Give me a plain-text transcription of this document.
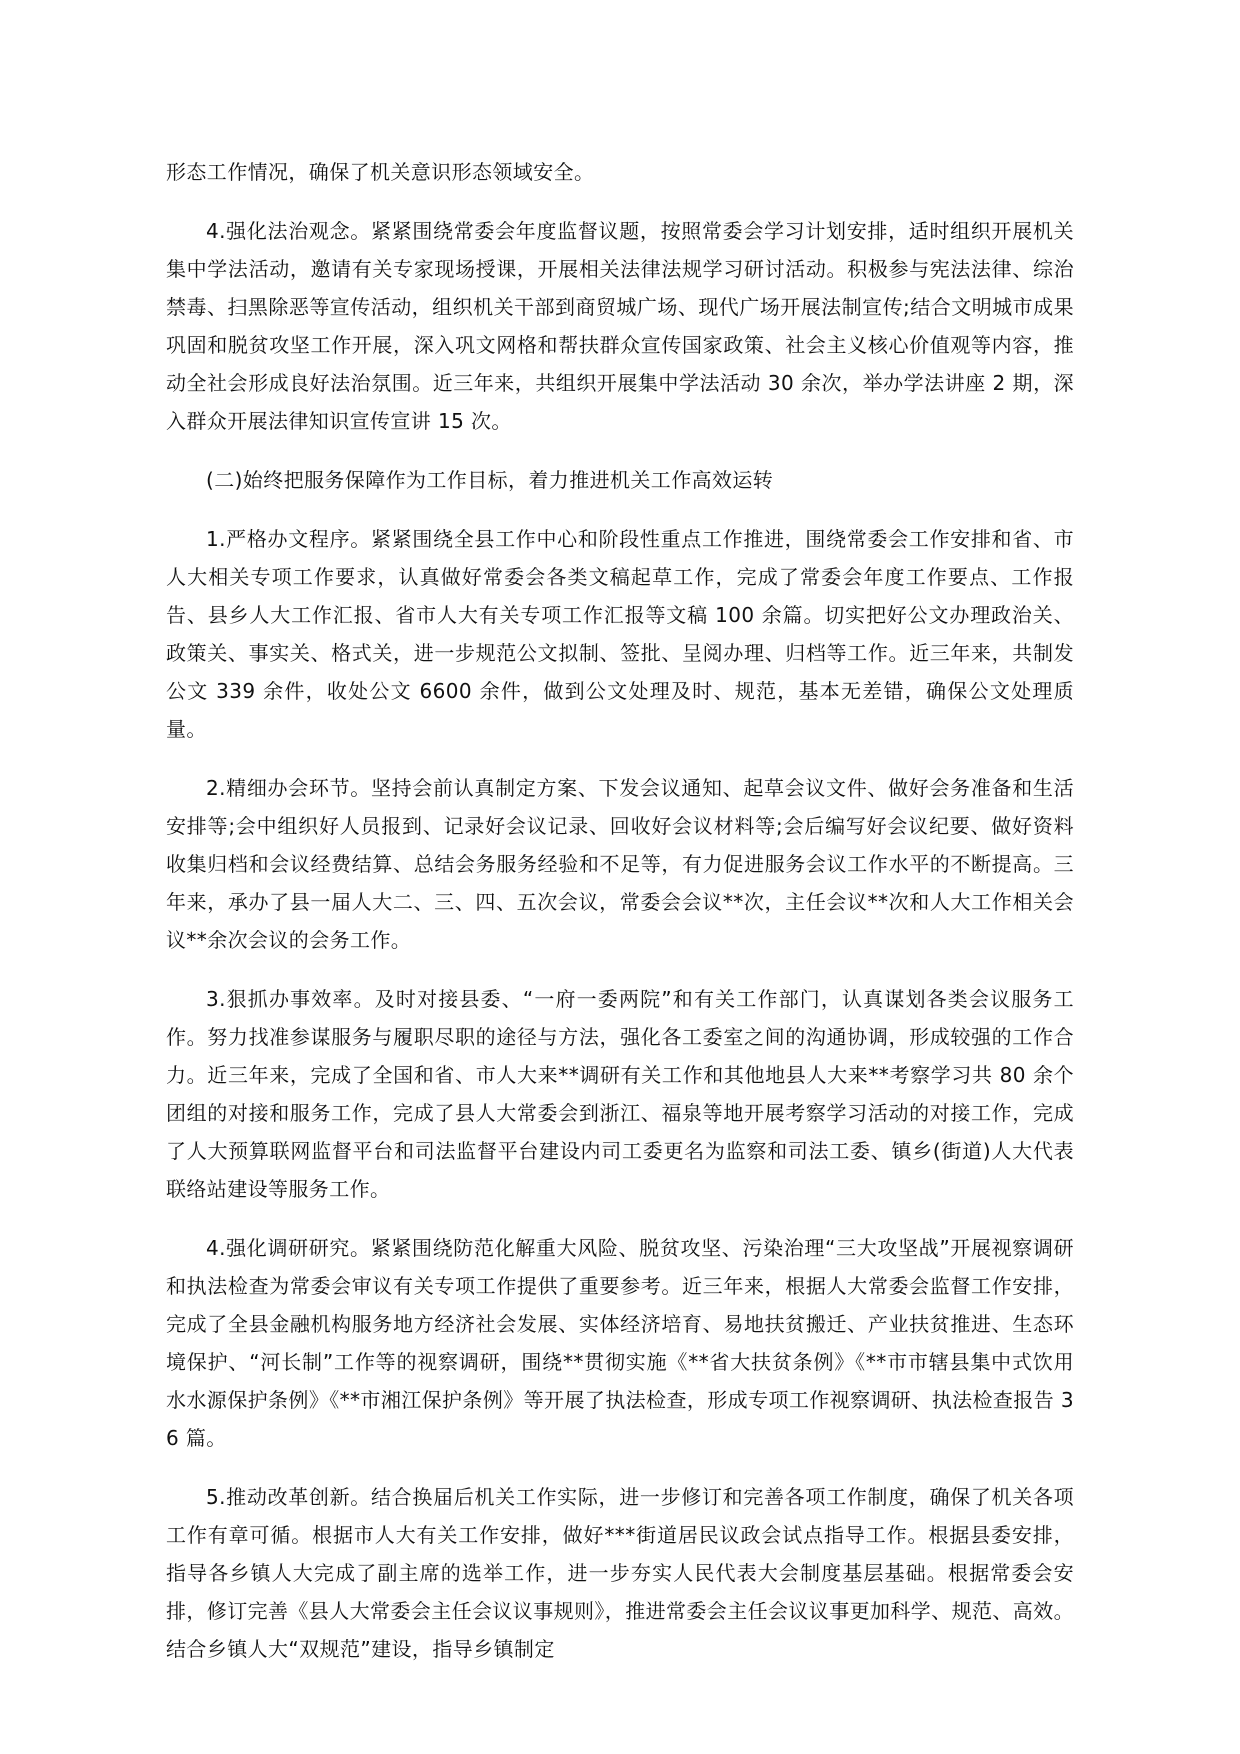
形态工作情况，确保了机关意识形态领域安全。

4.强化法治观念。紧紧围绕常委会年度监督议题，按照常委会学习计划安排，适时组织开展机关集中学法活动，邀请有关专家现场授课，开展相关法律法规学习研讨活动。积极参与宪法法律、综治禁毒、扫黑除恶等宣传活动，组织机关干部到商贸城广场、现代广场开展法制宣传;结合文明城市成果巩固和脱贫攻坚工作开展，深入巩文网格和帮扶群众宣传国家政策、社会主义核心价值观等内容，推动全社会形成良好法治氛围。近三年来，共组织开展集中学法活动 30 余次，举办学法讲座 2 期，深入群众开展法律知识宣传宣讲 15 次。

(二)始终把服务保障作为工作目标，着力推进机关工作高效运转

1.严格办文程序。紧紧围绕全县工作中心和阶段性重点工作推进，围绕常委会工作安排和省、市人大相关专项工作要求，认真做好常委会各类文稿起草工作，完成了常委会年度工作要点、工作报告、县乡人大工作汇报、省市人大有关专项工作汇报等文稿 100 余篇。切实把好公文办理政治关、政策关、事实关、格式关，进一步规范公文拟制、签批、呈阅办理、归档等工作。近三年来，共制发公文 339 余件，收处公文 6600 余件，做到公文处理及时、规范，基本无差错，确保公文处理质量。

2.精细办会环节。坚持会前认真制定方案、下发会议通知、起草会议文件、做好会务准备和生活安排等;会中组织好人员报到、记录好会议记录、回收好会议材料等;会后编写好会议纪要、做好资料收集归档和会议经费结算、总结会务服务经验和不足等，有力促进服务会议工作水平的不断提高。三年来，承办了县一届人大二、三、四、五次会议，常委会会议**次，主任会议**次和人大工作相关会议**余次会议的会务工作。

3.狠抓办事效率。及时对接县委、“一府一委两院”和有关工作部门，认真谋划各类会议服务工作。努力找准参谋服务与履职尽职的途径与方法，强化各工委室之间的沟通协调，形成较强的工作合力。近三年来，完成了全国和省、市人大来**调研有关工作和其他地县人大来**考察学习共 80 余个团组的对接和服务工作，完成了县人大常委会到浙江、福泉等地开展考察学习活动的对接工作，完成了人大预算联网监督平台和司法监督平台建设内司工委更名为监察和司法工委、镇乡(街道)人大代表联络站建设等服务工作。

4.强化调研研究。紧紧围绕防范化解重大风险、脱贫攻坚、污染治理“三大攻坚战”开展视察调研和执法检查为常委会审议有关专项工作提供了重要参考。近三年来，根据人大常委会监督工作安排，完成了全县金融机构服务地方经济社会发展、实体经济培育、易地扶贫搬迁、产业扶贫推进、生态环境保护、“河长制”工作等的视察调研，围绕**贯彻实施《**省大扶贫条例》《**市市辖县集中式饮用水水源保护条例》《**市湘江保护条例》等开展了执法检查，形成专项工作视察调研、执法检查报告 36 篇。

5.推动改革创新。结合换届后机关工作实际，进一步修订和完善各项工作制度，确保了机关各项工作有章可循。根据市人大有关工作安排，做好***街道居民议政会试点指导工作。根据县委安排，指导各乡镇人大完成了副主席的选举工作，进一步夯实人民代表大会制度基层基础。根据常委会安排，修订完善《县人大常委会主任会议议事规则》，推进常委会主任会议议事更加科学、规范、高效。结合乡镇人大“双规范”建设，指导乡镇制定
